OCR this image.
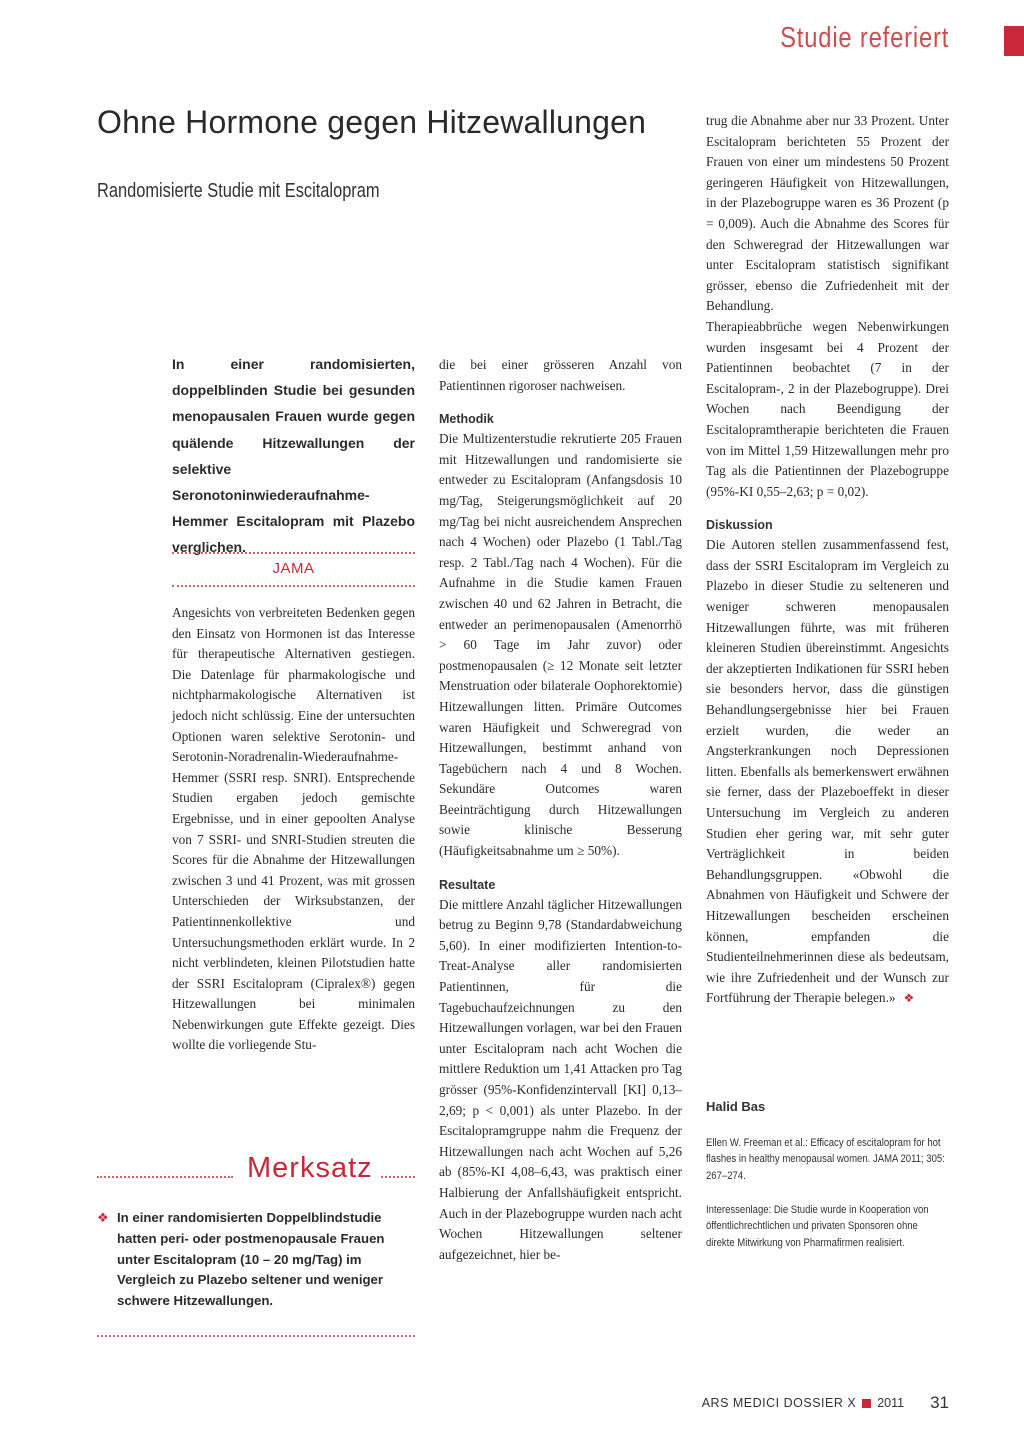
Studie referiert
Ohne Hormone gegen Hitzewallungen
Randomisierte Studie mit Escitalopram
In einer randomisierten, doppelblinden Studie bei gesunden menopausalen Frauen wurde gegen quälende Hitzewallungen der selektive Seronotoninwiederaufnahme-Hemmer Escitalopram mit Plazebo verglichen.
JAMA

Angesichts von verbreiteten Bedenken gegen den Einsatz von Hormonen ist das Interesse für therapeutische Alternativen gestiegen. Die Datenlage für pharmakologische und nichtpharmakologische Alternativen ist jedoch nicht schlüssig. Eine der untersuchten Optionen waren selektive Serotonin- und Serotonin-Noradrenalin-Wiederaufnahme-Hemmer (SSRI resp. SNRI). Entsprechende Studien ergaben jedoch gemischte Ergebnisse, und in einer gepoolten Analyse von 7 SSRI- und SNRI-Studien streuten die Scores für die Abnahme der Hitzewallungen zwischen 3 und 41 Prozent, was mit grossen Unterschieden der Wirksubstanzen, der Patientinnenkollektive und Untersuchungsmethoden erklärt wurde. In 2 nicht verblindeten, kleinen Pilotstudien hatte der SSRI Escitalopram (Cipralex®) gegen Hitzewallungen bei minimalen Nebenwirkungen gute Effekte gezeigt. Dies wollte die vorliegende Stu-

Merksatz
❖ In einer randomisierten Doppelblindstudie hatten peri- oder postmenopausale Frauen unter Escitalopram (10 – 20 mg/Tag) im Vergleich zu Plazebo seltener und weniger schwere Hitzewallungen.

die bei einer grösseren Anzahl von Patientinnen rigoroser nachweisen.

Methodik

Die Multizenterstudie rekrutierte 205 Frauen mit Hitzewallungen und randomisierte sie entweder zu Escitalopram (Anfangsdosis 10 mg/Tag, Steigerungsmöglichkeit auf 20 mg/Tag bei nicht ausreichendem Ansprechen nach 4 Wochen) oder Plazebo (1 Tabl./Tag resp. 2 Tabl./Tag nach 4 Wochen). Für die Aufnahme in die Studie kamen Frauen zwischen 40 und 62 Jahren in Betracht, die entweder an perimenopausalen (Amenorrhö > 60 Tage im Jahr zuvor) oder postmenopausalen (≥ 12 Monate seit letzter Menstruation oder bilaterale Oophorektomie) Hitzewallungen litten. Primäre Outcomes waren Häufigkeit und Schweregrad von Hitzewallungen, bestimmt anhand von Tagebüchern nach 4 und 8 Wochen. Sekundäre Outcomes waren Beeinträchtigung durch Hitzewallungen sowie klinische Besserung (Häufigkeitsabnahme um ≥ 50%).

Resultate

Die mittlere Anzahl täglicher Hitzewallungen betrug zu Beginn 9,78 (Standardabweichung 5,60). In einer modifizierten Intention-to-Treat-Analyse aller randomisierten Patientinnen, für die Tagebuchaufzeichnungen zu den Hitzewallungen vorlagen, war bei den Frauen unter Escitalopram nach acht Wochen die mittlere Reduktion um 1,41 Attacken pro Tag grösser (95%-Konfidenzintervall [KI] 0,13–2,69; p < 0,001) als unter Plazebo. In der Escitalopramgruppe nahm die Frequenz der Hitzewallungen nach acht Wochen auf 5,26 ab (85%-KI 4,08–6,43, was praktisch einer Halbierung der Anfallshäufigkeit entspricht. Auch in der Plazebogruppe wurden nach acht Wochen Hitzewallungen seltener aufgezeichnet, hier be-

trug die Abnahme aber nur 33 Prozent. Unter Escitalopram berichteten 55 Prozent der Frauen von einer um mindestens 50 Prozent geringeren Häufigkeit von Hitzewallungen, in der Plazebogruppe waren es 36 Prozent (p = 0,009). Auch die Abnahme des Scores für den Schweregrad der Hitzewallungen war unter Escitalopram statistisch signifikant grösser, ebenso die Zufriedenheit mit der Behandlung.

Therapieabbrüche wegen Nebenwirkungen wurden insgesamt bei 4 Prozent der Patientinnen beobachtet (7 in der Escitalopram-, 2 in der Plazebogruppe). Drei Wochen nach Beendigung der Escitalopramtherapie berichteten die Frauen von im Mittel 1,59 Hitzewallungen mehr pro Tag als die Patientinnen der Plazebogruppe (95%-KI 0,55–2,63; p = 0,02).

Diskussion

Die Autoren stellen zusammenfassend fest, dass der SSRI Escitalopram im Vergleich zu Plazebo in dieser Studie zu selteneren und weniger schweren menopausalen Hitzewallungen führte, was mit früheren kleineren Studien übereinstimmt. Angesichts der akzeptierten Indikationen für SSRI heben sie besonders hervor, dass die günstigen Behandlungsergebnisse hier bei Frauen erzielt wurden, die weder an Angsterkrankungen noch Depressionen litten. Ebenfalls als bemerkenswert erwähnen sie ferner, dass der Plazeboeffekt in dieser Untersuchung im Vergleich zu anderen Studien eher gering war, mit sehr guter Verträglichkeit in beiden Behandlungsgruppen. «Obwohl die Abnahmen von Häufigkeit und Schwere der Hitzewallungen bescheiden erscheinen können, empfanden die Studienteilnehmerinnen diese als bedeutsam, wie ihre Zufriedenheit und der Wunsch zur Fortführung der Therapie belegen.» ❖

Halid Bas
Ellen W. Freeman et al.: Efficacy of escitalopram for hot flashes in healthy menopausal women. JAMA 2011; 305: 267–274.
Interessenlage: Die Studie wurde in Kooperation von öffentlichrechtlichen und privaten Sponsoren ohne direkte Mitwirkung von Pharmafirmen realisiert.
ARS MEDICI DOSSIER X 2011 31
